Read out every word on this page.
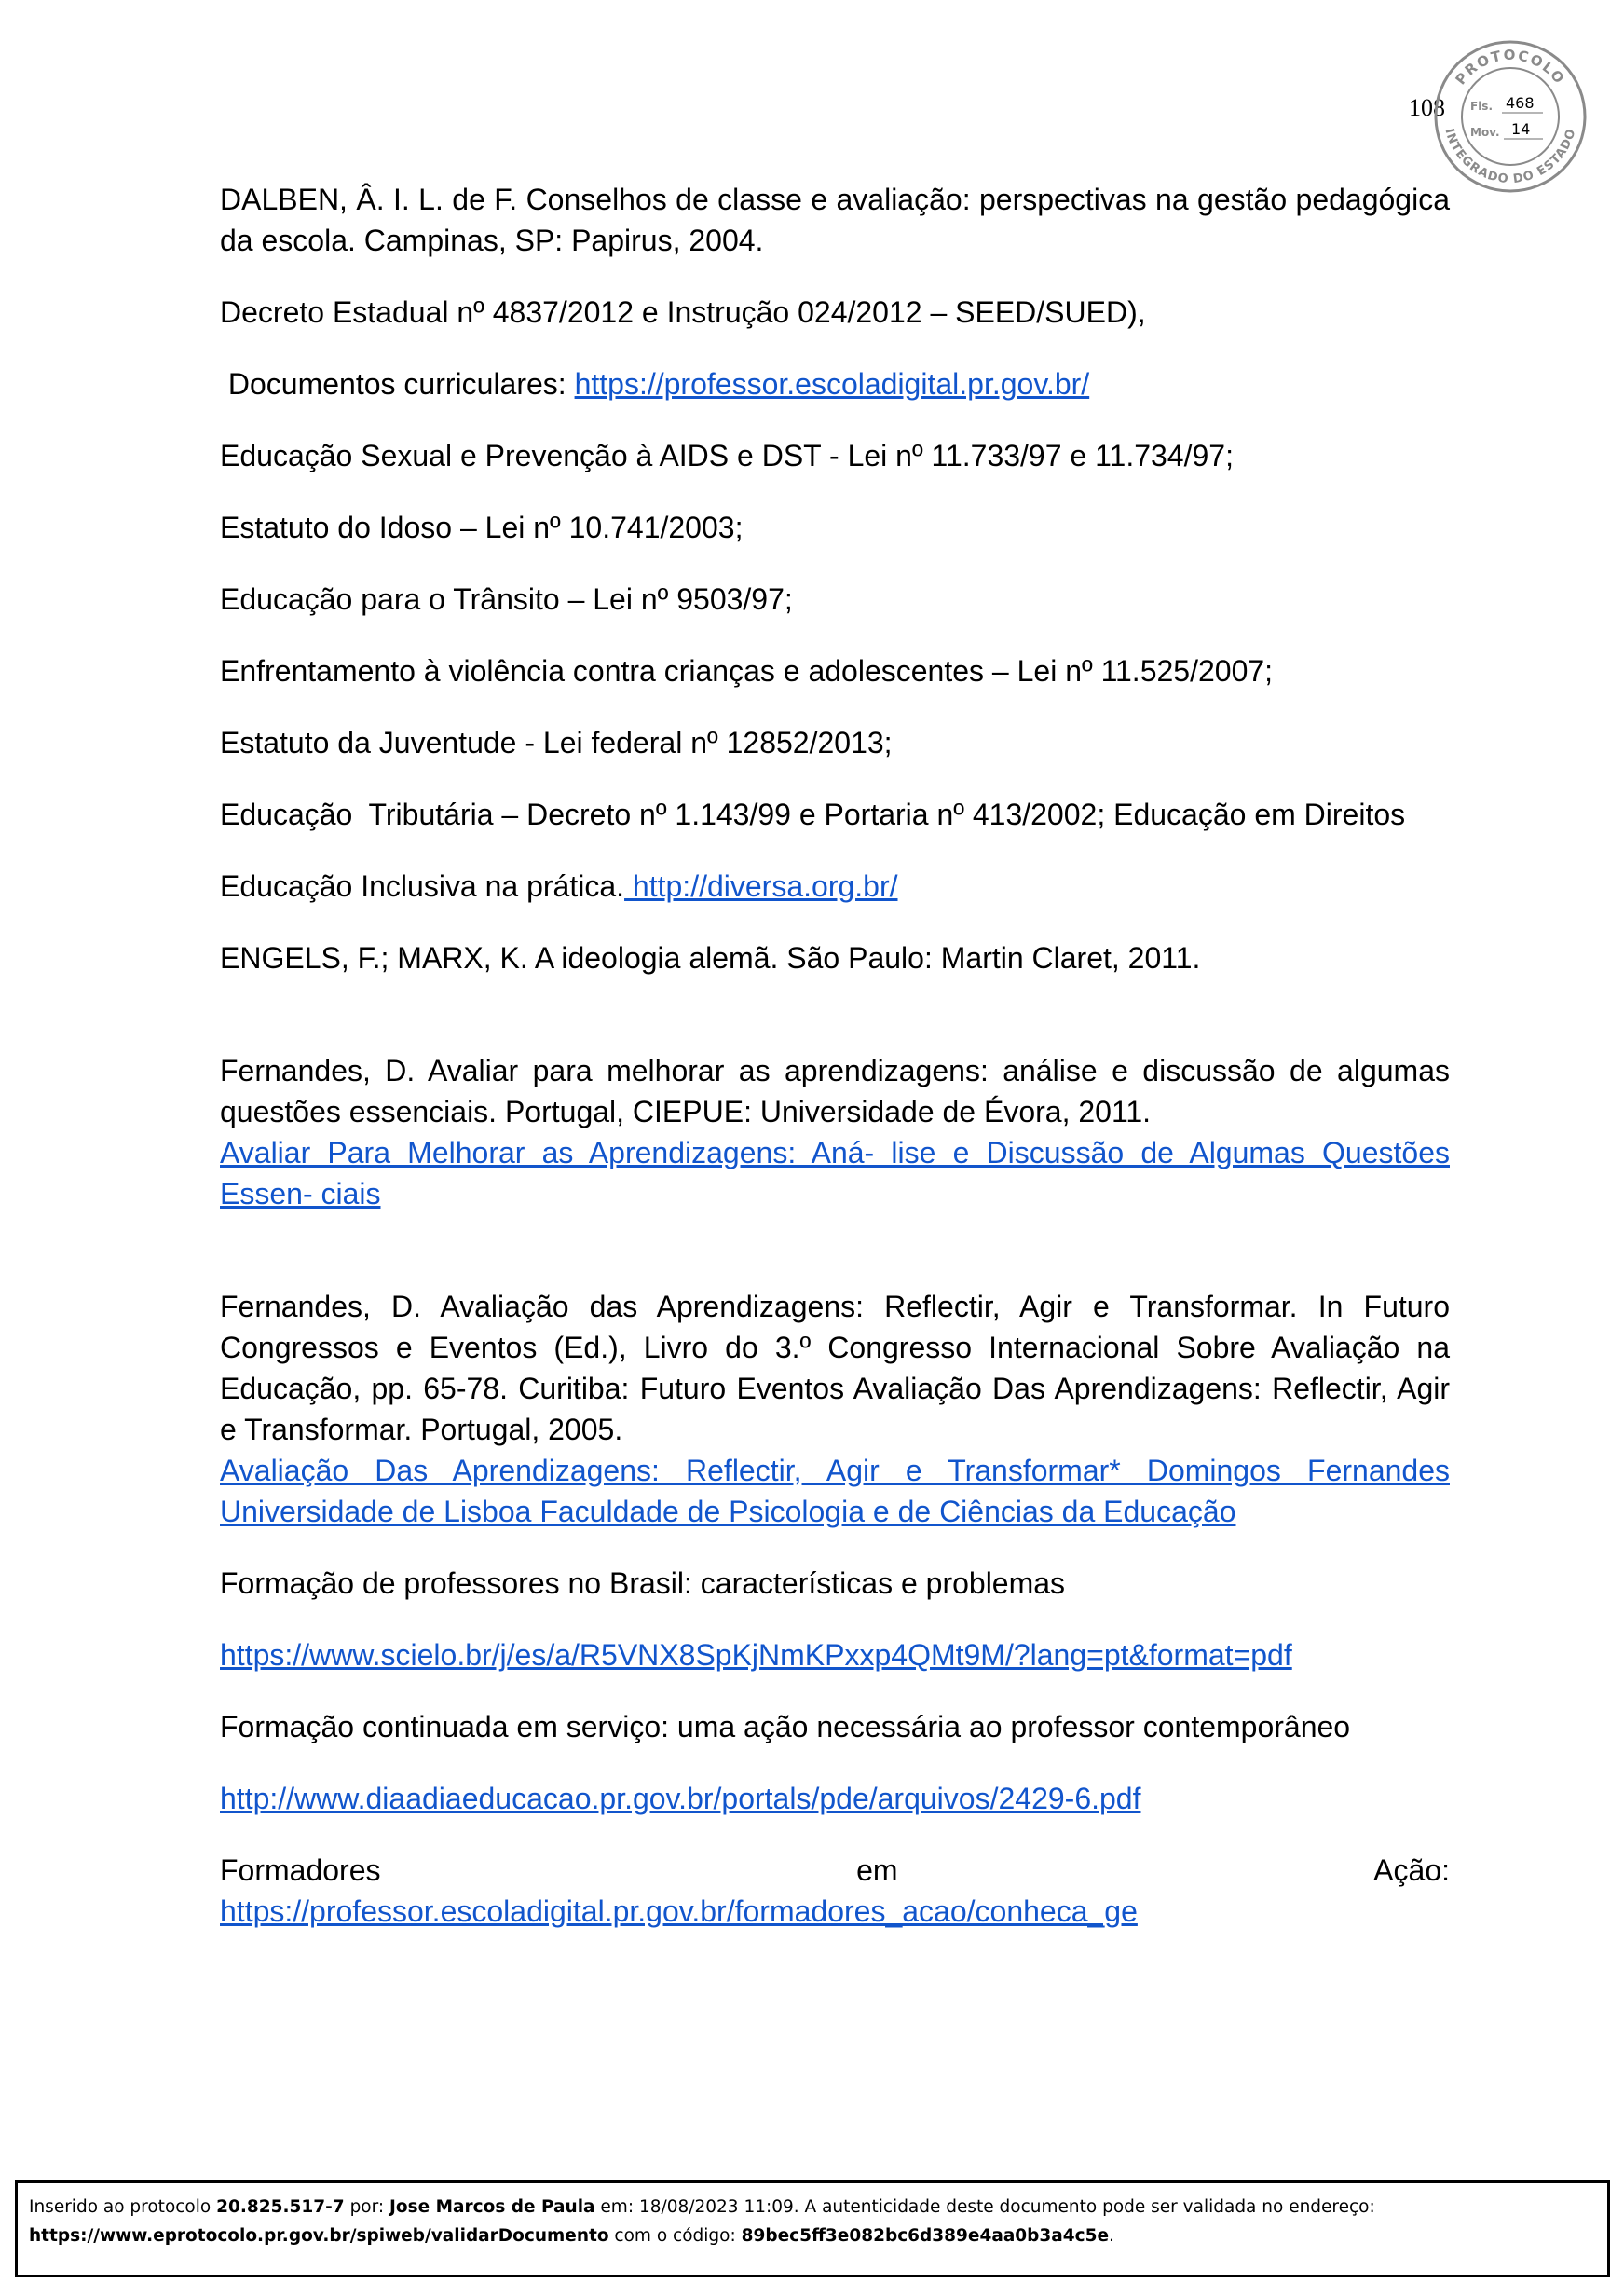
108
PROTOCOLO
INTEGRADO DO ESTADO
Fls. 468
Mov. 14

DALBEN, Â. I. L. de F. Conselhos de classe e avaliação: perspectivas na gestão pedagógica da escola. Campinas, SP: Papirus, 2004.

Decreto Estadual nº 4837/2012 e Instrução 024/2012 – SEED/SUED),

Documentos curriculares: https://professor.escoladigital.pr.gov.br/

Educação Sexual e Prevenção à AIDS e DST - Lei nº 11.733/97 e 11.734/97;

Estatuto do Idoso – Lei nº 10.741/2003;

Educação para o Trânsito – Lei nº 9503/97;

Enfrentamento à violência contra crianças e adolescentes – Lei nº 11.525/2007;

Estatuto da Juventude - Lei federal nº 12852/2013;

Educação  Tributária – Decreto nº 1.143/99 e Portaria nº 413/2002; Educação em Direitos

Educação Inclusiva na prática. http://diversa.org.br/

ENGELS, F.; MARX, K. A ideologia alemã. São Paulo: Martin Claret, 2011.

Fernandes, D. Avaliar para melhorar as aprendizagens: análise e discussão de algumas questões essenciais. Portugal, CIEPUE: Universidade de Évora, 2011.
Avaliar Para Melhorar as Aprendizagens: Aná- lise e Discussão de Algumas Questões Essen- ciais
Fernandes, D. Avaliação das Aprendizagens: Reflectir, Agir e Transformar. In Futuro Congressos e Eventos (Ed.), Livro do 3.º Congresso Internacional Sobre Avaliação na Educação, pp. 65-78. Curitiba: Futuro Eventos Avaliação Das Aprendizagens: Reflectir, Agir e Transformar. Portugal, 2005.
Avaliação Das Aprendizagens: Reflectir, Agir e Transformar* Domingos Fernandes Universidade de Lisboa Faculdade de Psicologia e de Ciências da Educação

Formação de professores no Brasil: características e problemas

https://www.scielo.br/j/es/a/R5VNX8SpKjNmKPxxp4QMt9M/?lang=pt&format=pdf

Formação continuada em serviço: uma ação necessária ao professor contemporâneo

http://www.diaadiaeducacao.pr.gov.br/portals/pde/arquivos/2429-6.pdf

Formadores	em	Ação:
https://professor.escoladigital.pr.gov.br/formadores_acao/conheca_ge
Inserido ao protocolo 20.825.517-7 por: Jose Marcos de Paula em: 18/08/2023 11:09. A autenticidade deste documento pode ser validada no endereço:
https://www.eprotocolo.pr.gov.br/spiweb/validarDocumento com o código: 89bec5ff3e082bc6d389e4aa0b3a4c5e.
